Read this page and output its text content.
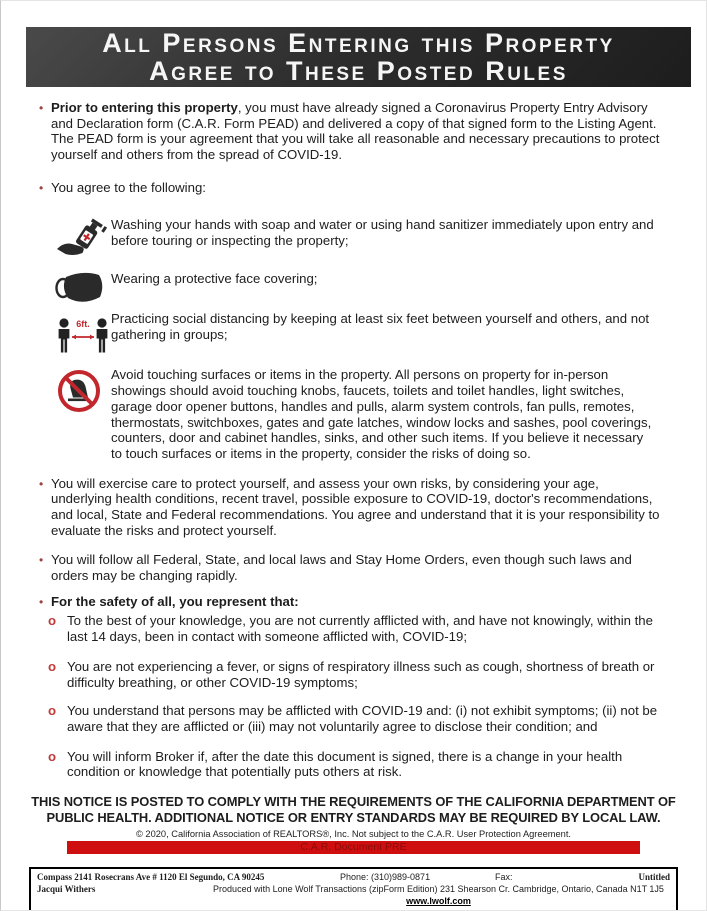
All Persons Entering this Property
Agree to These Posted Rules
• Prior to entering this property, you must have already signed a Coronavirus Property Entry Advisory and Declaration form (C.A.R. Form PEAD) and delivered a copy of that signed form to the Listing Agent. The PEAD form is your agreement that you will take all reasonable and necessary precautions to protect yourself and others from the spread of COVID-19.
• You agree to the following:
Washing your hands with soap and water or using hand sanitizer immediately upon entry and before touring or inspecting the property;
Wearing a protective face covering;
6ft. Practicing social distancing by keeping at least six feet between yourself and others, and not gathering in groups;
Avoid touching surfaces or items in the property. All persons on property for in-person showings should avoid touching knobs, faucets, toilets and toilet handles, light switches, garage door opener buttons, handles and pulls, alarm system controls, fan pulls, remotes, thermostats, switchboxes, gates and gate latches, window locks and sashes, pool coverings, counters, door and cabinet handles, sinks, and other such items. If you believe it necessary to touch surfaces or items in the property, consider the risks of doing so.
• You will exercise care to protect yourself, and assess your own risks, by considering your age, underlying health conditions, recent travel, possible exposure to COVID-19, doctor's recommendations, and local, State and Federal recommendations. You agree and understand that it is your responsibility to evaluate the risks and protect yourself.
• You will follow all Federal, State, and local laws and Stay Home Orders, even though such laws and orders may be changing rapidly.
• For the safety of all, you represent that:
o To the best of your knowledge, you are not currently afflicted with, and have not knowingly, within the last 14 days, been in contact with someone afflicted with, COVID-19;
o You are not experiencing a fever, or signs of respiratory illness such as cough, shortness of breath or difficulty breathing, or other COVID-19 symptoms;
o You understand that persons may be afflicted with COVID-19 and: (i) not exhibit symptoms; (ii) not be aware that they are afflicted or (iii) may not voluntarily agree to disclose their condition; and
o You will inform Broker if, after the date this document is signed, there is a change in your health condition or knowledge that potentially puts others at risk.
THIS NOTICE IS POSTED TO COMPLY WITH THE REQUIREMENTS OF THE CALIFORNIA DEPARTMENT OF PUBLIC HEALTH. ADDITIONAL NOTICE OR ENTRY STANDARDS MAY BE REQUIRED BY LOCAL LAW.
© 2020, California Association of REALTORS®, Inc. Not subject to the C.A.R. User Protection Agreement.
C.A.R. Document PRE
Compass 2141 Rosecrans Ave # 1120 El Segundo, CA 90245	Phone: (310)989-0871	Fax:	Untitled
Jacqui Withers	Produced with Lone Wolf Transactions (zipForm Edition) 231 Shearson Cr. Cambridge, Ontario, Canada N1T 1J5 www.lwolf.com
